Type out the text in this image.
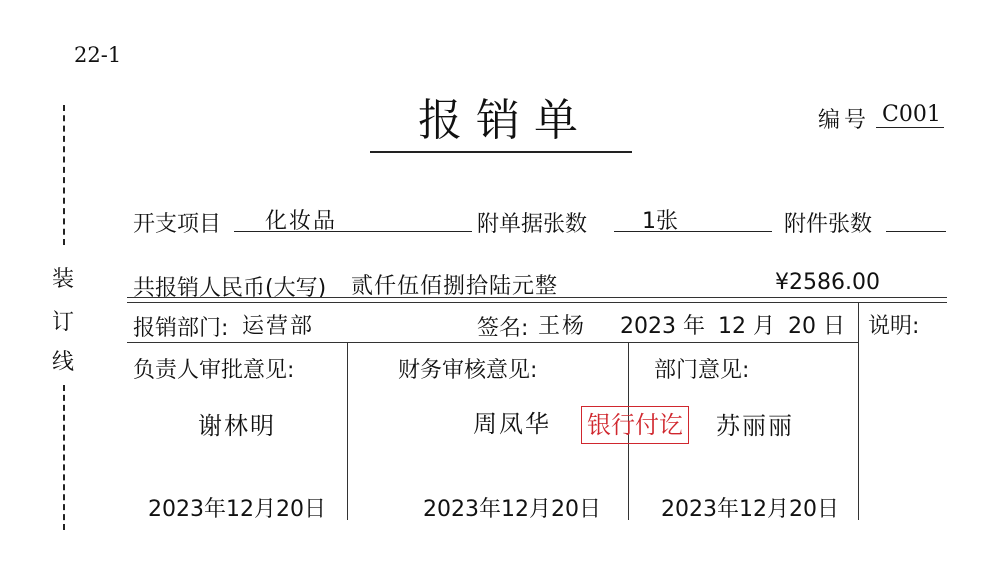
22-1
装
订
线
报销单	编号 C001
开支项目 化妆品	附单据张数 1张	附件张数
共报销人民币(大写) 贰仟伍佰捌拾陆元整	¥2586.00
报销部门: 运营部	签名: 王杨 2023 年 12 月 20 日 说明:
负责人审批意见:
谢林明
2023年12月20日
财务审核意见:
周凤华
2023年12月20日
部门意见:
苏丽丽
2023年12月20日
银行付讫
